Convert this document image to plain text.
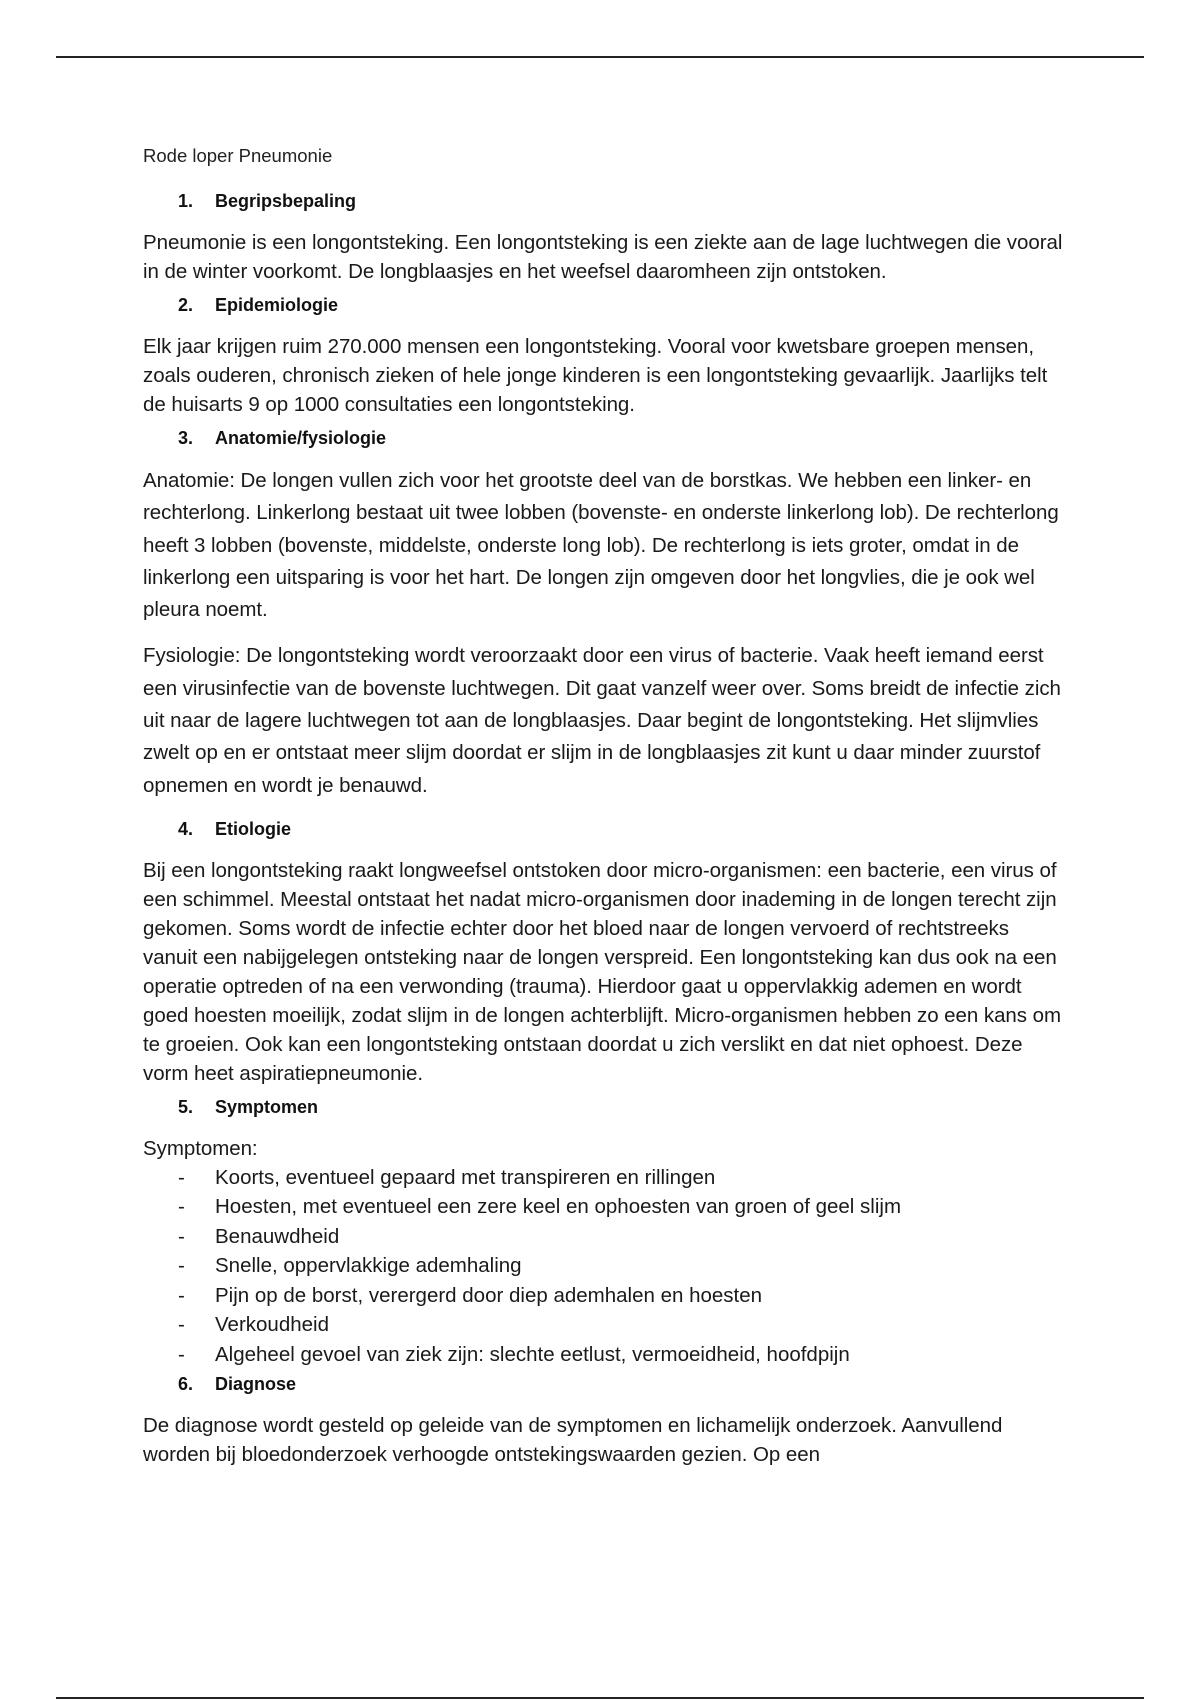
Rode loper Pneumonie
1.	Begripsbepaling

Pneumonie is een longontsteking. Een longontsteking is een ziekte aan de lage luchtwegen die vooral in de winter voorkomt. De longblaasjes en het weefsel daaromheen zijn ontstoken.

2.	Epidemiologie

Elk jaar krijgen ruim 270.000 mensen een longontsteking. Vooral voor kwetsbare groepen mensen, zoals ouderen, chronisch zieken of hele jonge kinderen is een longontsteking gevaarlijk. Jaarlijks telt de huisarts 9 op 1000 consultaties een longontsteking.

3.	Anatomie/fysiologie

Anatomie: De longen vullen zich voor het grootste deel van de borstkas. We hebben een linker- en rechterlong. Linkerlong bestaat uit twee lobben (bovenste- en onderste linkerlong lob). De rechterlong heeft 3 lobben (bovenste, middelste, onderste long lob). De rechterlong is iets groter, omdat in de linkerlong een uitsparing is voor het hart. De longen zijn omgeven door het longvlies, die je ook wel pleura noemt.

Fysiologie: De longontsteking wordt veroorzaakt door een virus of bacterie. Vaak heeft iemand eerst een virusinfectie van de bovenste luchtwegen. Dit gaat vanzelf weer over. Soms breidt de infectie zich uit naar de lagere luchtwegen tot aan de longblaasjes. Daar begint de longontsteking. Het slijmvlies zwelt op en er ontstaat meer slijm doordat er slijm in de longblaasjes zit kunt u daar minder zuurstof opnemen en wordt je benauwd.

4.	Etiologie

Bij een longontsteking raakt longweefsel ontstoken door micro-organismen: een bacterie, een virus of een schimmel. Meestal ontstaat het nadat micro-organismen door inademing in de longen terecht zijn gekomen. Soms wordt de infectie echter door het bloed naar de longen vervoerd of rechtstreeks vanuit een nabijgelegen ontsteking naar de longen verspreid. Een longontsteking kan dus ook na een operatie optreden of na een verwonding (trauma). Hierdoor gaat u oppervlakkig ademen en wordt goed hoesten moeilijk, zodat slijm in de longen achterblijft. Micro-organismen hebben zo een kans om te groeien. Ook kan een longontsteking ontstaan doordat u zich verslikt en dat niet ophoest. Deze vorm heet aspiratiepneumonie.

5.	Symptomen

Symptomen:

-	Koorts, eventueel gepaard met transpireren en rillingen
-	Hoesten, met eventueel een zere keel en ophoesten van groen of geel slijm
-	Benauwdheid
-	Snelle, oppervlakkige ademhaling
-	Pijn op de borst, verergerd door diep ademhalen en hoesten
-	Verkoudheid
-	Algeheel gevoel van ziek zijn: slechte eetlust, vermoeidheid, hoofdpijn
6.	Diagnose

De diagnose wordt gesteld op geleide van de symptomen en lichamelijk onderzoek. Aanvullend worden bij bloedonderzoek verhoogde ontstekingswaarden gezien. Op een
